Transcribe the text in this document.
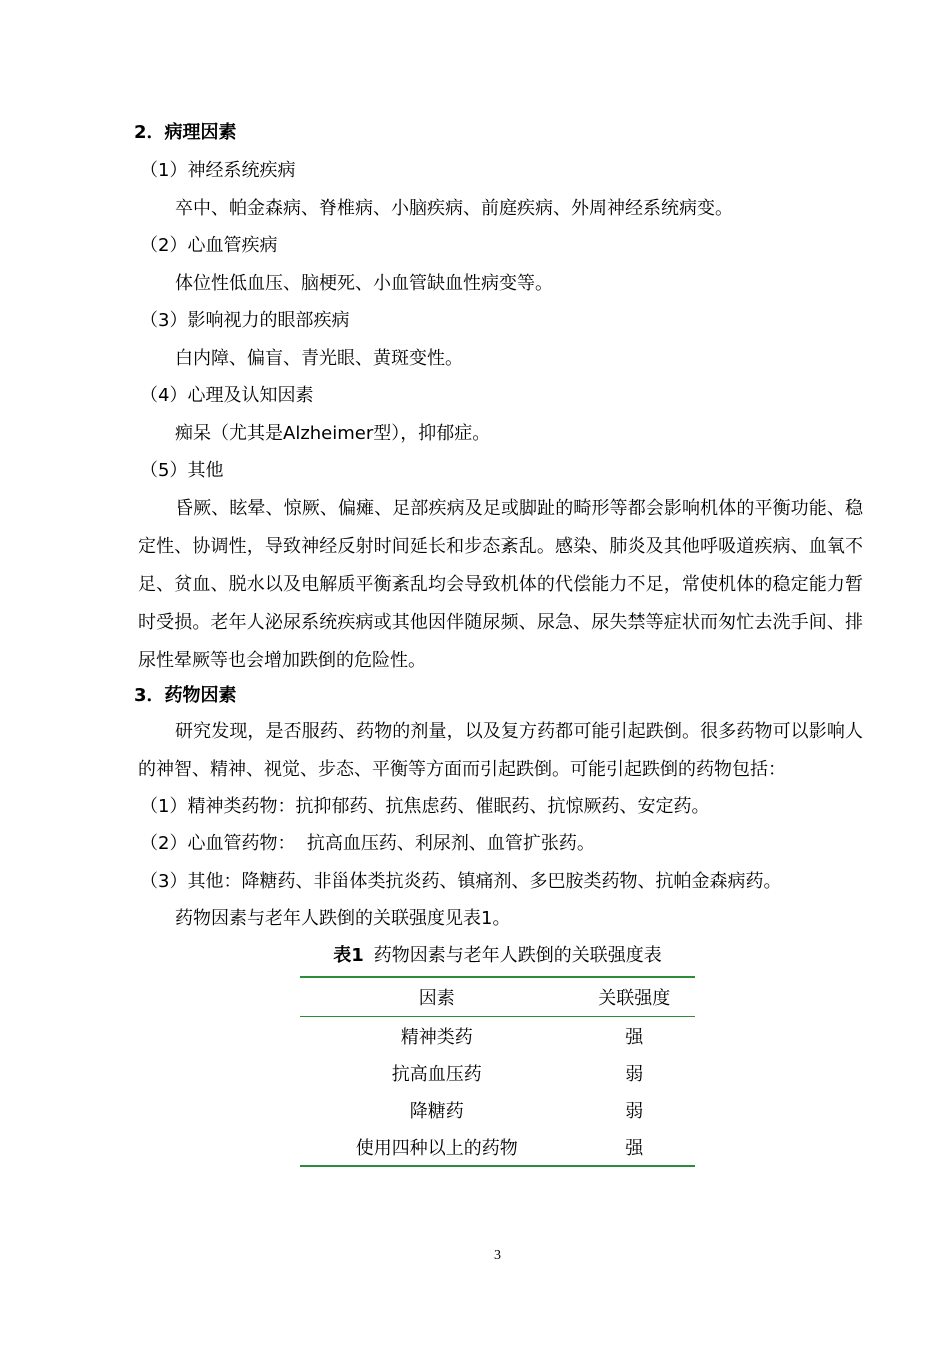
2．病理因素
（1）神经系统疾病
卒中、帕金森病、脊椎病、小脑疾病、前庭疾病、外周神经系统病变。
（2）心血管疾病
体位性低血压、脑梗死、小血管缺血性病变等。
（3）影响视力的眼部疾病
白内障、偏盲、青光眼、黄斑变性。
（4）心理及认知因素
痴呆（尤其是Alzheimer型），抑郁症。
（5）其他
昏厥、眩晕、惊厥、偏瘫、足部疾病及足或脚趾的畸形等都会影响机体的平衡功能、稳定性、协调性，导致神经反射时间延长和步态紊乱。感染、肺炎及其他呼吸道疾病、血氧不足、贫血、脱水以及电解质平衡紊乱均会导致机体的代偿能力不足，常使机体的稳定能力暂时受损。老年人泌尿系统疾病或其他因伴随尿频、尿急、尿失禁等症状而匆忙去洗手间、排尿性晕厥等也会增加跌倒的危险性。
3．药物因素
研究发现，是否服药、药物的剂量，以及复方药都可能引起跌倒。很多药物可以影响人的神智、精神、视觉、步态、平衡等方面而引起跌倒。可能引起跌倒的药物包括：
（1）精神类药物：抗抑郁药、抗焦虑药、催眠药、抗惊厥药、安定药。
（2）心血管药物：  抗高血压药、利尿剂、血管扩张药。
（3）其他：降糖药、非甾体类抗炎药、镇痛剂、多巴胺类药物、抗帕金森病药。
药物因素与老年人跌倒的关联强度见表1。
表1 药物因素与老年人跌倒的关联强度表
因素	关联强度
精神类药	强
抗高血压药	弱
降糖药	弱
使用四种以上的药物	强
3
